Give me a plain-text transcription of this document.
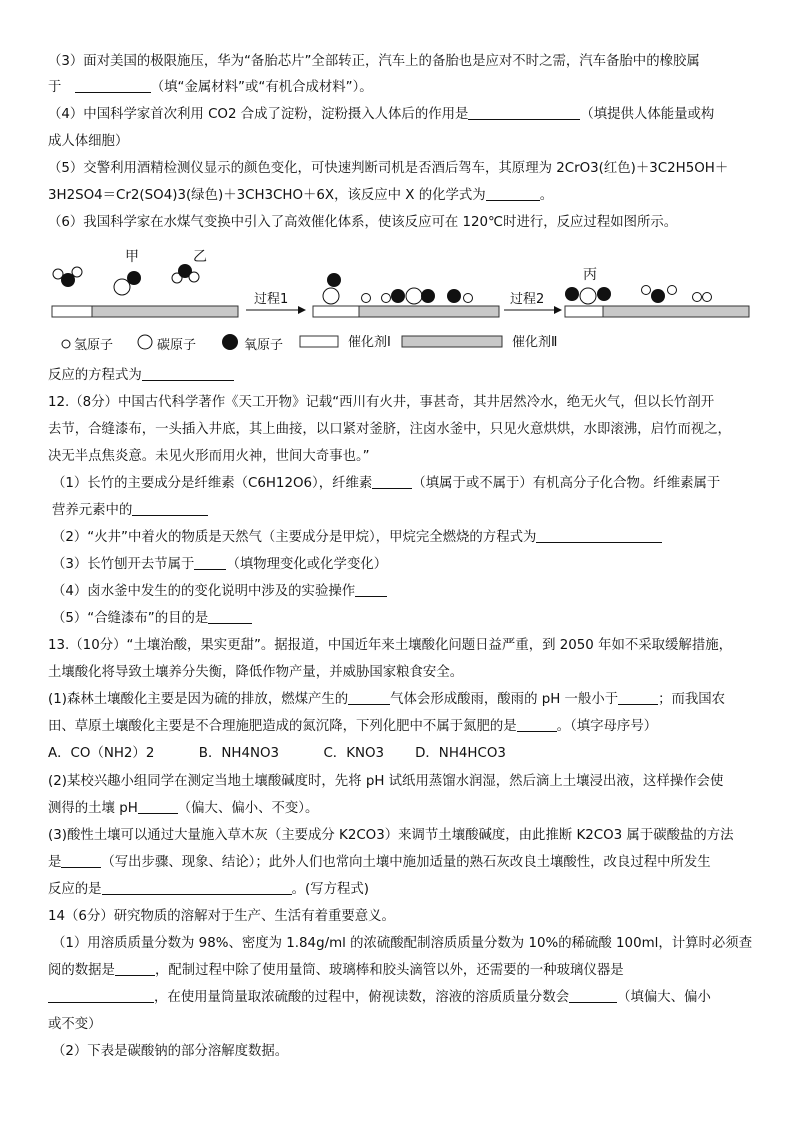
（3）面对美国的极限施压，华为“备胎芯片”全部转正，汽车上的备胎也是应对不时之需，汽车备胎中的橡胶属
于　	（填“金属材料”或“有机合成材料”）。
（4）中国科学家首次利用 CO2 合成了淀粉，淀粉摄入人体后的作用是	（填提供人体能量或构
成人体细胞）
（5）交警利用酒精检测仪显示的颜色变化，可快速判断司机是否酒后驾车，其原理为 2CrO3(红色)＋3C2H5OH＋
3H2SO4＝Cr2(SO4)3(绿色)＋3CH3CHO＋6X，该反应中 X 的化学式为	。
（6）我国科学家在水煤气变换中引入了高效催化体系，使该反应可在 120℃时进行，反应过程如图所示。
反应的方程式为
12.（8分）中国古代科学著作《天工开物》记载“西川有火井，事甚奇，其井居然冷水，绝无火气，但以长竹剖开
去节，合缝漆布，一头插入井底，其上曲接，以口紧对釜脐，注卤水釜中，只见火意烘烘，水即滚沸，启竹而视之，
决无半点焦炎意。未见火形而用火神，世间大奇事也。”
（1）长竹的主要成分是纤维素（C6H12O6），纤维素	（填属于或不属于）有机高分子化合物。纤维素属于
营养元素中的
（2）“火井”中着火的物质是天然气（主要成分是甲烷），甲烷完全燃烧的方程式为
（3）长竹刨开去节属于 （填物理变化或化学变化）
（4）卤水釜中发生的的变化说明中涉及的实验操作
（5）“合缝漆布”的目的是
13.（10分）“土壤治酸，果实更甜”。据报道，中国近年来土壤酸化问题日益严重，到 2050 年如不采取缓解措施，
土壤酸化将导致土壤养分失衡，降低作物产量，并威胁国家粮食安全。
(1)森林土壤酸化主要是因为硫的排放，燃煤产生的	气体会形成酸雨，酸雨的 pH 一般小于	；而我国农
田、草原土壤酸化主要是不合理施肥造成的氮沉降，下列化肥中不属于氮肥的是	。（填字母序号）
A．CO（NH2）2　　　 B．NH4NO3　　　 C．KNO3　　 D．NH4HCO3
(2)某校兴趣小组同学在测定当地土壤酸碱度时，先将 pH 试纸用蒸馏水润湿，然后滴上土壤浸出液，这样操作会使
测得的土壤 pH	（偏大、偏小、不变）。
(3)酸性土壤可以通过大量施入草木灰（主要成分 K2CO3）来调节土壤酸碱度，由此推断 K2CO3 属于碳酸盐的方法
是	（写出步骤、现象、结论）；此外人们也常向土壤中施加适量的熟石灰改良土壤酸性，改良过程中所发生
反应的是	。(写方程式)
14（6分）研究物质的溶解对于生产、生活有着重要意义。
（1）用溶质质量分数为 98%、密度为 1.84g/ml 的浓硫酸配制溶质质量分数为 10%的稀硫酸 100ml，计算时必须查
阅的数据是	，配制过程中除了使用量筒、玻璃棒和胶头滴管以外，还需要的一种玻璃仪器是
，在使用量筒量取浓硫酸的过程中，俯视读数，溶液的溶质质量分数会	（填偏大、偏小
或不变）
（2）下表是碳酸钠的部分溶解度数据。
甲	乙
过程1	过程2
丙
氢原子	碳原子	氧原子	催化剂Ⅰ	催化剂Ⅱ
